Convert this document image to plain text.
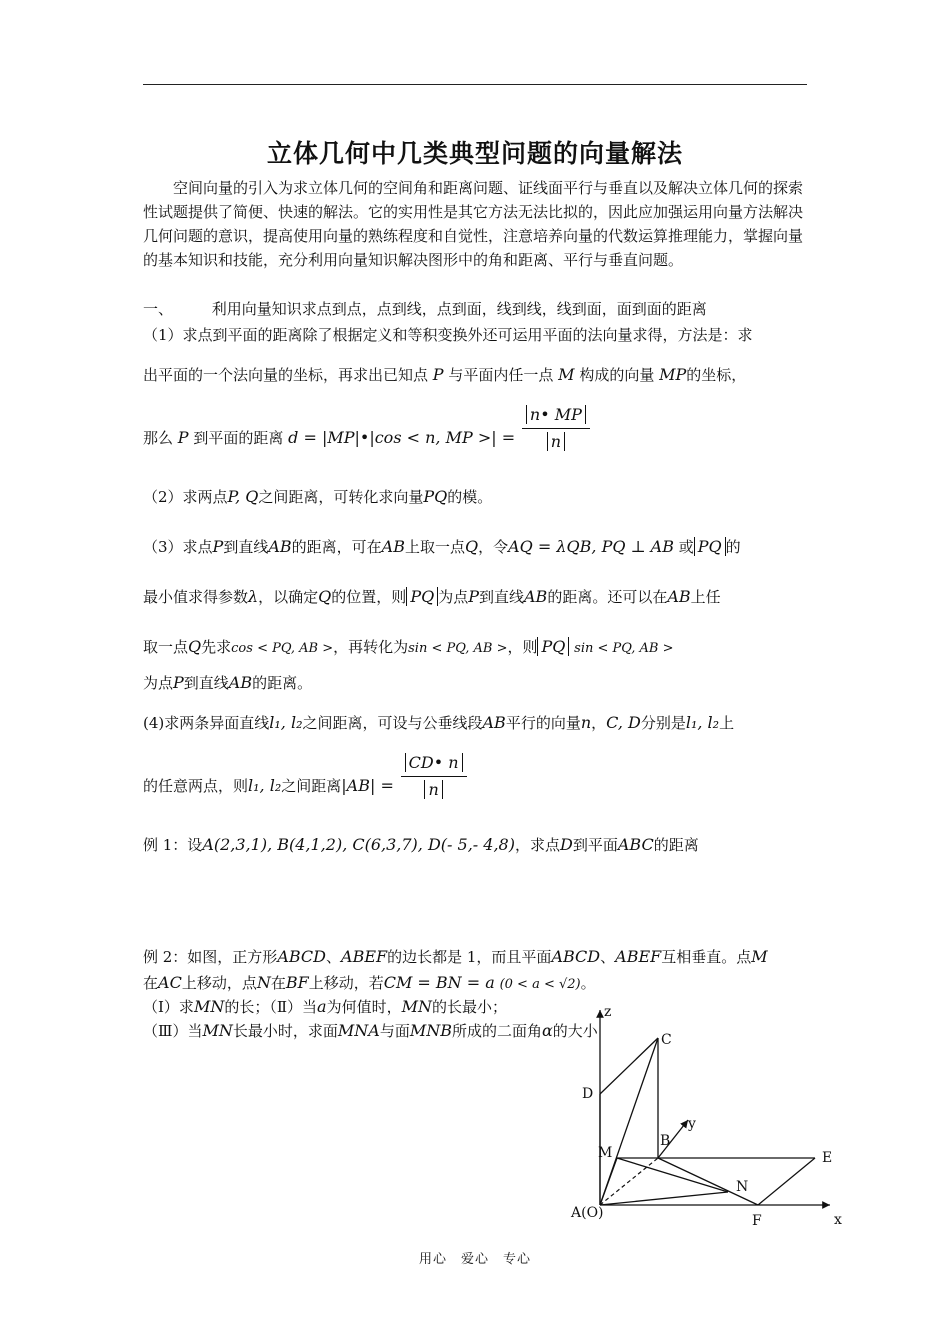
立体几何中几类典型问题的向量解法
空间向量的引入为求立体几何的空间角和距离问题、证线面平行与垂直以及解决立体几何的探索性试题提供了简便、快速的解法。它的实用性是其它方法无法比拟的，因此应加强运用向量方法解决几何问题的意识，提高使用向量的熟练程度和自觉性，注意培养向量的代数运算推理能力，掌握向量的基本知识和技能，充分利用向量知识解决图形中的角和距离、平行与垂直问题。
一、	利用向量知识求点到点，点到线，点到面，线到线，线到面，面到面的距离
（1）求点到平面的距离除了根据定义和等积变换外还可运用平面的法向量求得，方法是：求
出平面的一个法向量的坐标，再求出已知点 P 与平面内任一点 M 构成的向量 MP的坐标，
那么 P 到平面的距离 d = |MP|•|cos < n, MP >| = $\frac{n• MP}{n}$
（2）求两点P, Q之间距离，可转化求向量PQ的模。
（3）求点P到直线AB的距离，可在AB上取一点Q，令AQ = λQB, PQ ⊥ AB 或 PQ 的
最小值求得参数λ，以确定Q的位置，则 PQ 为点P到直线AB的距离。还可以在AB上任
取一点Q先求cos < PQ, AB >，再转化为sin < PQ, AB >，则 PQ sin < PQ, AB >
为点P到直线AB的距离。
(4)求两条异面直线l₁, l₂之间距离，可设与公垂线段AB平行的向量n，C, D分别是l₁, l₂上
的任意两点，则l₁, l₂之间距离$|AB| = \frac{CD• n}{n}$
例 1：设A(2,3,1), B(4,1,2), C(6,3,7), D(- 5,- 4,8)，求点D到平面ABC的距离
例 2：如图，正方形ABCD、ABEF的边长都是 1，而且平面ABCD、ABEF互相垂直。点M
在AC上移动，点N在BF上移动，若CM = BN = a (0 < a < √2)。
（Ⅰ）求MN的长；（Ⅱ）当a为何值时，MN的长最小；
（Ⅲ）当MN长最小时，求面MNA与面MNB所成的二面角α的大小
z
C
D
y
B
M	E
N
A(O)	F	x
用心　爱心　专心
